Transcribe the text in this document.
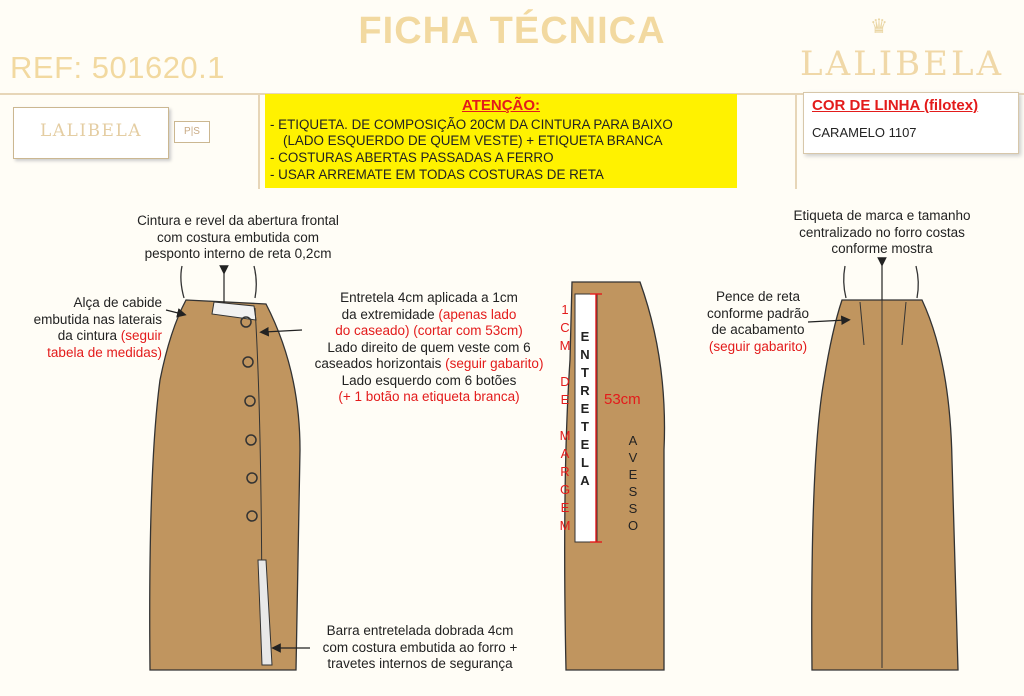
FICHA TÉCNICA
REF: 501620.1
♛
LALIBELA
LALIBELA	P|S
ATENÇÃO:
- ETIQUETA. DE COMPOSIÇÃO 20CM DA CINTURA PARA BAIXO
(LADO ESQUERDO DE QUEM VESTE) + ETIQUETA BRANCA
- COSTURAS ABERTAS PASSADAS A FERRO
- USAR ARREMATE EM TODAS COSTURAS DE RETA
COR DE LINHA (filotex)
CARAMELO 1107
Cintura e revel da abertura frontal
com costura embutida com
pesponto interno de reta 0,2cm
Alça de cabide
embutida nas laterais
da cintura (seguir
tabela de medidas)
Entretela 4cm aplicada a 1cm
da extremidade (apenas lado
do caseado) (cortar com 53cm)
Lado direito de quem veste com 6
caseados horizontais (seguir gabarito)
Lado esquerdo com 6 botões
(+ 1 botão na etiqueta branca)
Barra entretelada dobrada 4cm
com costura embutida ao forro +
travetes internos de segurança
Etiqueta de marca e tamanho
centralizado no forro costas
conforme mostra
Pence de reta
conforme padrão
de acabamento
(seguir gabarito)
1
C
M

D
E

M
A
R
G
E
M
E
N
T
R
E
T
E
L
A
A
V
E
S
S
O
53cm
